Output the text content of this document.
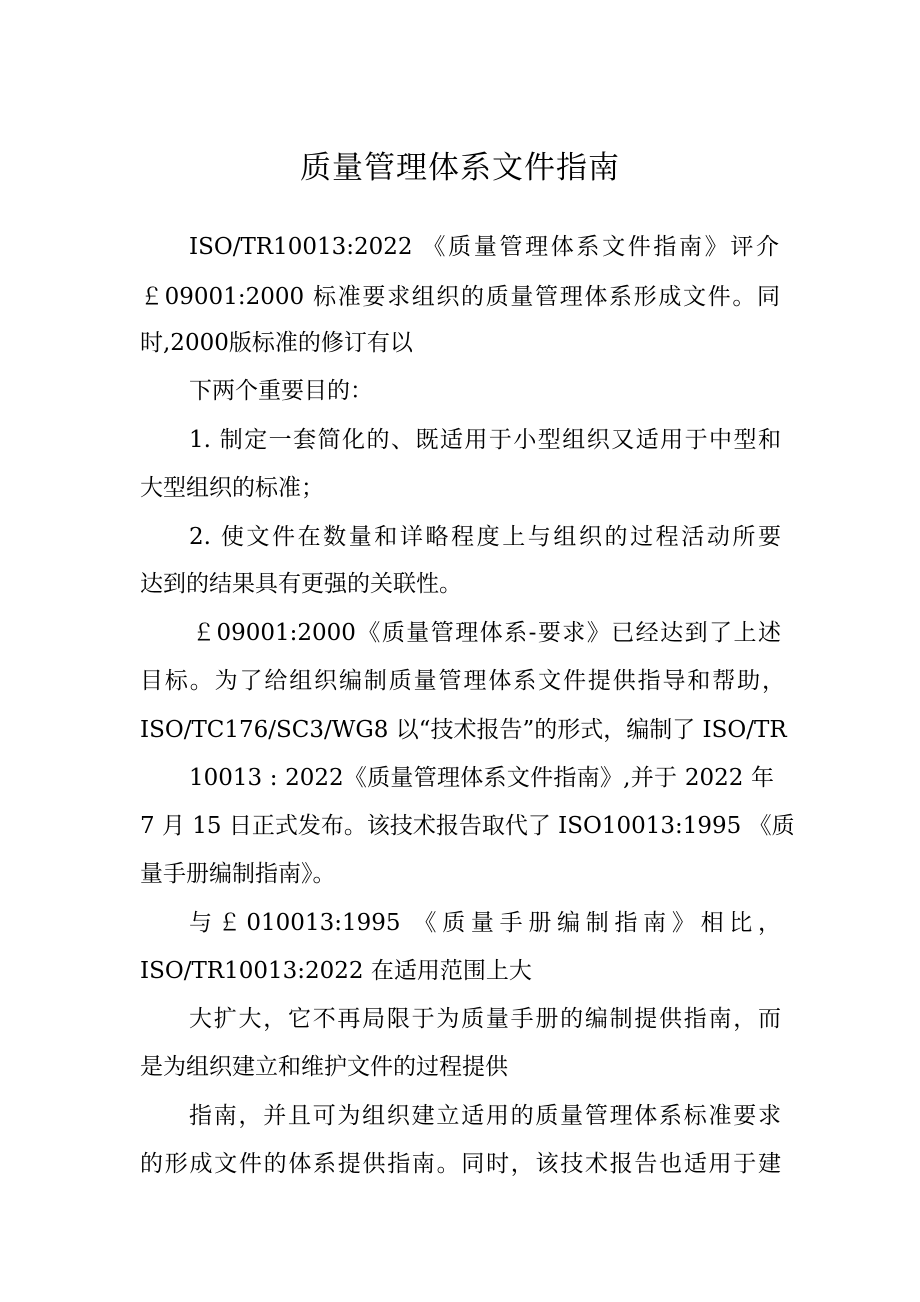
质量管理体系文件指南
ISO/TR10013:2022 《质量管理体系文件指南》评介
￡09001:2000 标准要求组织的质量管理体系形成文件。同
时,2000版标准的修订有以
下两个重要目的：
1. 制定一套简化的、既适用于小型组织又适用于中型和
大型组织的标准；
2. 使文件在数量和详略程度上与组织的过程活动所要
达到的结果具有更强的关联性。
￡09001:2000《质量管理体系-要求》已经达到了上述
目标。为了给组织编制质量管理体系文件提供指导和帮助，
ISO/TC176/SC3/WG8 以“技术报告”的形式，编制了 ISO/TR
10013 : 2022《质量管理体系文件指南》,并于 2022 年
7 月 15 日正式发布。该技术报告取代了 ISO10013:1995 《质
量手册编制指南》。
与￡010013:1995 《质量手册编制指南》相比，
ISO/TR10013:2022 在适用范围上大
大扩大，它不再局限于为质量手册的编制提供指南，而
是为组织建立和维护文件的过程提供
指南，并且可为组织建立适用的质量管理体系标准要求
的形成文件的体系提供指南。同时，该技术报告也适用于建
